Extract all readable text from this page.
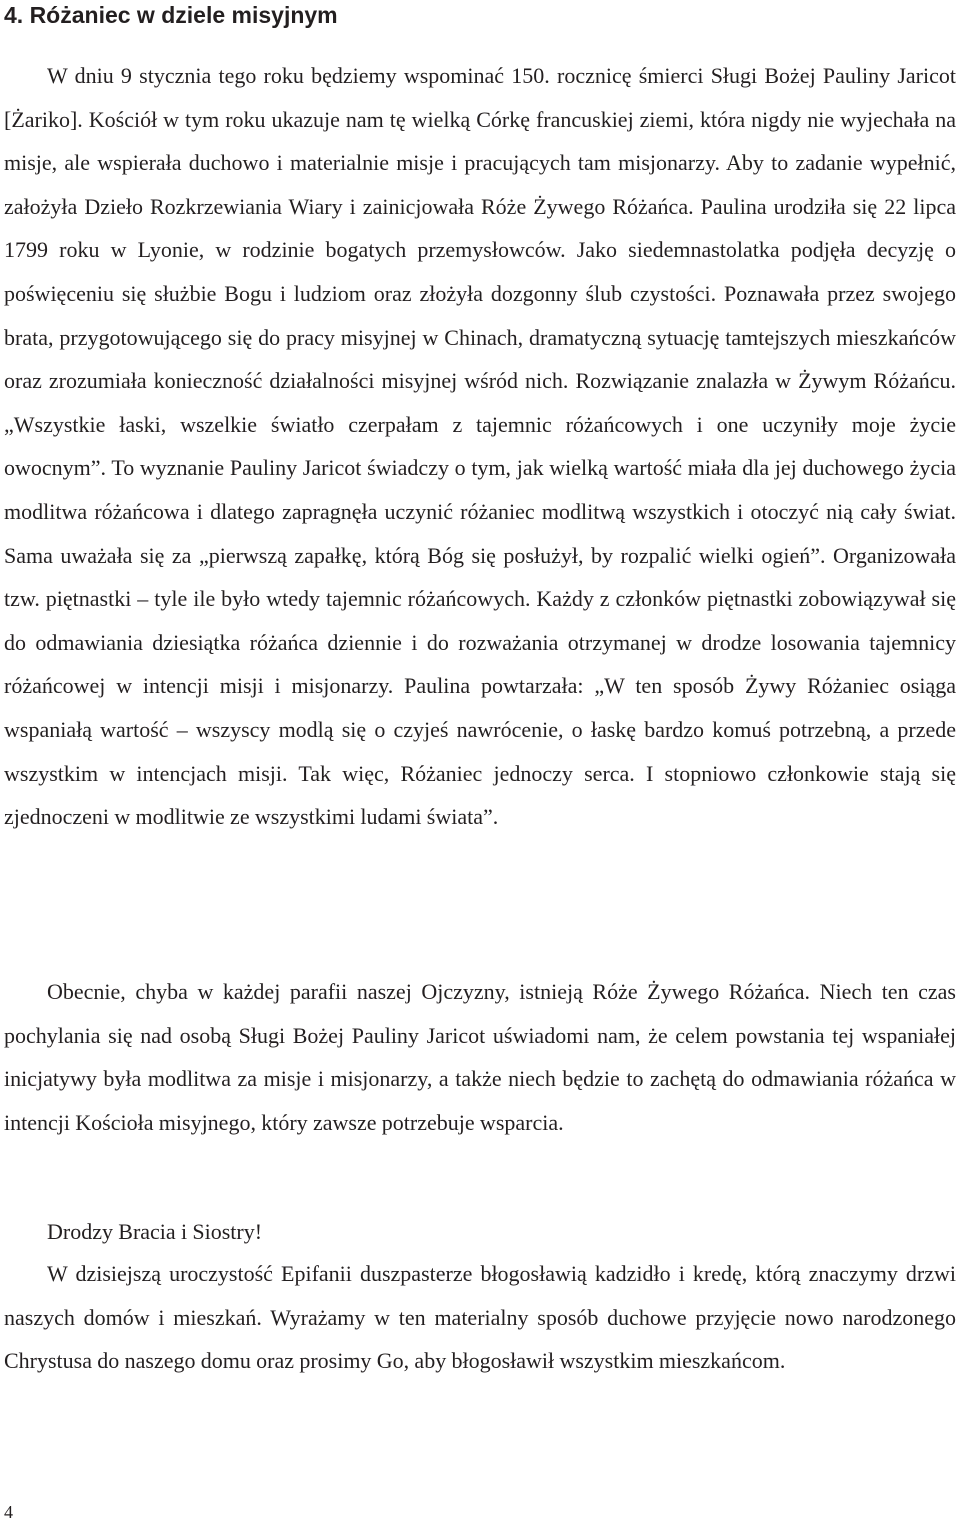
4. Różaniec w dziele misyjnym

W dniu 9 stycznia tego roku będziemy wspominać 150. rocznicę śmierci Sługi Bożej Pauliny Jaricot [Żariko]. Kościół w tym roku ukazuje nam tę wielką Córkę francuskiej ziemi, która nigdy nie wyjechała na misje, ale wspierała duchowo i materialnie misje i pracujących tam misjonarzy. Aby to zadanie wypełnić, założyła Dzieło Rozkrzewiania Wiary i zainicjowała Róże Żywego Różańca. Paulina urodziła się 22 lipca 1799 roku w Lyonie, w rodzinie bogatych przemysłowców. Jako siedemnastolatka podjęła decyzję o poświęceniu się służbie Bogu i ludziom oraz złożyła dozgonny ślub czystości. Poznawała przez swojego brata, przygotowującego się do pracy misyjnej w Chinach, dramatyczną sytuację tamtejszych mieszkańców oraz zrozumiała konieczność działalności misyjnej wśród nich. Rozwiązanie znalazła w Żywym Różańcu. „Wszystkie łaski, wszelkie światło czerpałam z tajemnic różańcowych i one uczyniły moje życie owocnym”. To wyznanie Pauliny Jaricot świadczy o tym, jak wielką wartość miała dla jej duchowego życia modlitwa różańcowa i dlatego zapragnęła uczynić różaniec modlitwą wszystkich i otoczyć nią cały świat. Sama uważała się za „pierwszą zapałkę, którą Bóg się posłużył, by rozpalić wielki ogień”. Organizowała tzw. piętnastki – tyle ile było wtedy tajemnic różańcowych. Każdy z członków piętnastki zobowiązywał się do odmawiania dziesiątka różańca dziennie i do rozważania otrzymanej w drodze losowania tajemnicy różańcowej w intencji misji i misjonarzy. Paulina powtarzała: „W ten sposób Żywy Różaniec osiąga wspaniałą wartość – wszyscy modlą się o czyjeś nawrócenie, o łaskę bardzo komuś potrzebną, a przede wszystkim w intencjach misji. Tak więc, Różaniec jednoczy serca. I stopniowo członkowie stają się zjednoczeni w modlitwie ze wszystkimi ludami świata”.

Obecnie, chyba w każdej parafii naszej Ojczyzny, istnieją Róże Żywego Różańca. Niech ten czas pochylania się nad osobą Sługi Bożej Pauliny Jaricot uświadomi nam, że celem powstania tej wspaniałej inicjatywy była modlitwa za misje i misjonarzy, a także niech będzie to zachętą do odmawiania różańca w intencji Kościoła misyjnego, który zawsze potrzebuje wsparcia.

Drodzy Bracia i Siostry!

W dzisiejszą uroczystość Epifanii duszpasterze błogosławią kadzidło i kredę, którą znaczymy drzwi naszych domów i mieszkań. Wyrażamy w ten materialny sposób duchowe przyjęcie nowo narodzonego Chrystusa do naszego domu oraz prosimy Go, aby błogosławił wszystkim mieszkańcom.

4
